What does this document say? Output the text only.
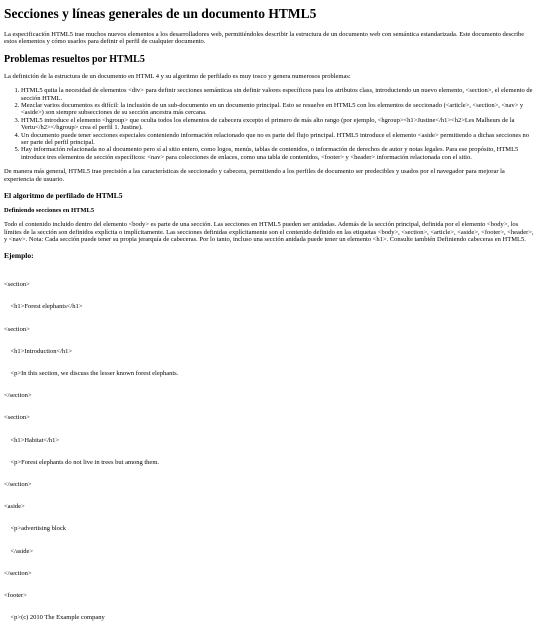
Secciones y líneas generales de un documento HTML5

La especificación HTML5 trae muchos nuevos elementos a los desarrolladores web, permitiéndoles describir la estructura de un documento web con semántica estandarizada. Este documento describe estos elementos y cómo usarlos para definir el perfil de cualquier documento.

Problemas resueltos por HTML5

La definición de la estructura de un documento en HTML 4 y su algoritmo de perfilado es muy tosco y genera numerosos problemas:

1. HTML5 quita la necesidad de elementos <div> para definir secciones semánticas sin definir valores específicos para los atributos class, introduciendo un nuevo elemento, <section>, el elemento de sección HTML.
2. Mezclar varios documentos es difícil: la inclusión de un sub-documento en un documento principal. Esto se resuelve en HTML5 con los elementos de seccionado (<article>, <section>, <nav> y <aside>) son siempre subsecciones de su sección ancestra más cercana.
3. HTML5 introduce el elemento <hgroup> que oculta todos los elementos de cabecera excepto el primero de más alto rango (por ejemplo, <hgroup><h1>Justine</h1><h2>Les Malheurs de la Vertu</h2></hgroup> crea el perfil 1. Justine).
4. Un documento puede tener secciones especiales conteniendo información relacionado que no es parte del flujo principal. HTML5 introduce el elemento <aside> permitiendo a dichas secciones no ser parte del perfil principal.
5. Hay información relacionada no al documento pero sí al sitio entero, como logos, menús, tablas de contenidos, o información de derechos de autor y notas legales. Para ese propósito, HTML5 introduce tres elementos de sección específicos: <nav> para colecciones de enlaces, como una tabla de contenidos, <footer> y <header> información relacionada con el sitio.

De manera más general, HTML5 trae precisión a las características de seccionado y cabecera, permitiendo a los perfiles de documento ser predecibles y usados por el navegador para mejorar la experiencia de usuario.

El algoritmo de perfilado de HTML5
Definiendo secciones en HTML5

Todo el contenido incluido dentro del elemento <body> es parte de una sección. Las secciones en HTML5 pueden ser anidadas. Además de la sección principal, definida por el elemento <body>, los límites de la sección son definidos explícita o implícitamente. Las secciones definidas explícitamente son el contenido definido en las etiquetas <body>, <section>, <article>, <aside>, <footer>, <header>, y <nav>. Nota: Cada sección puede tener su propia jerarquía de cabeceras. Por lo tanto, incluso una sección anidada puede tener un elemento <h1>. Consulte también Definiendo cabeceras en HTML5.

Ejemplo:

<section>

<h1>Forest elephants</h1>

<section>

<h1>Introduction</h1>

<p>In this section, we discuss the lesser known forest elephants.

</section>

<section>

<h1>Habitat</h1>

<p>Forest elephants do not live in trees but among them.

</section>

<aside>

<p>advertising block

</aside>

</section>

<footer>

<p>(c) 2010 The Example company
